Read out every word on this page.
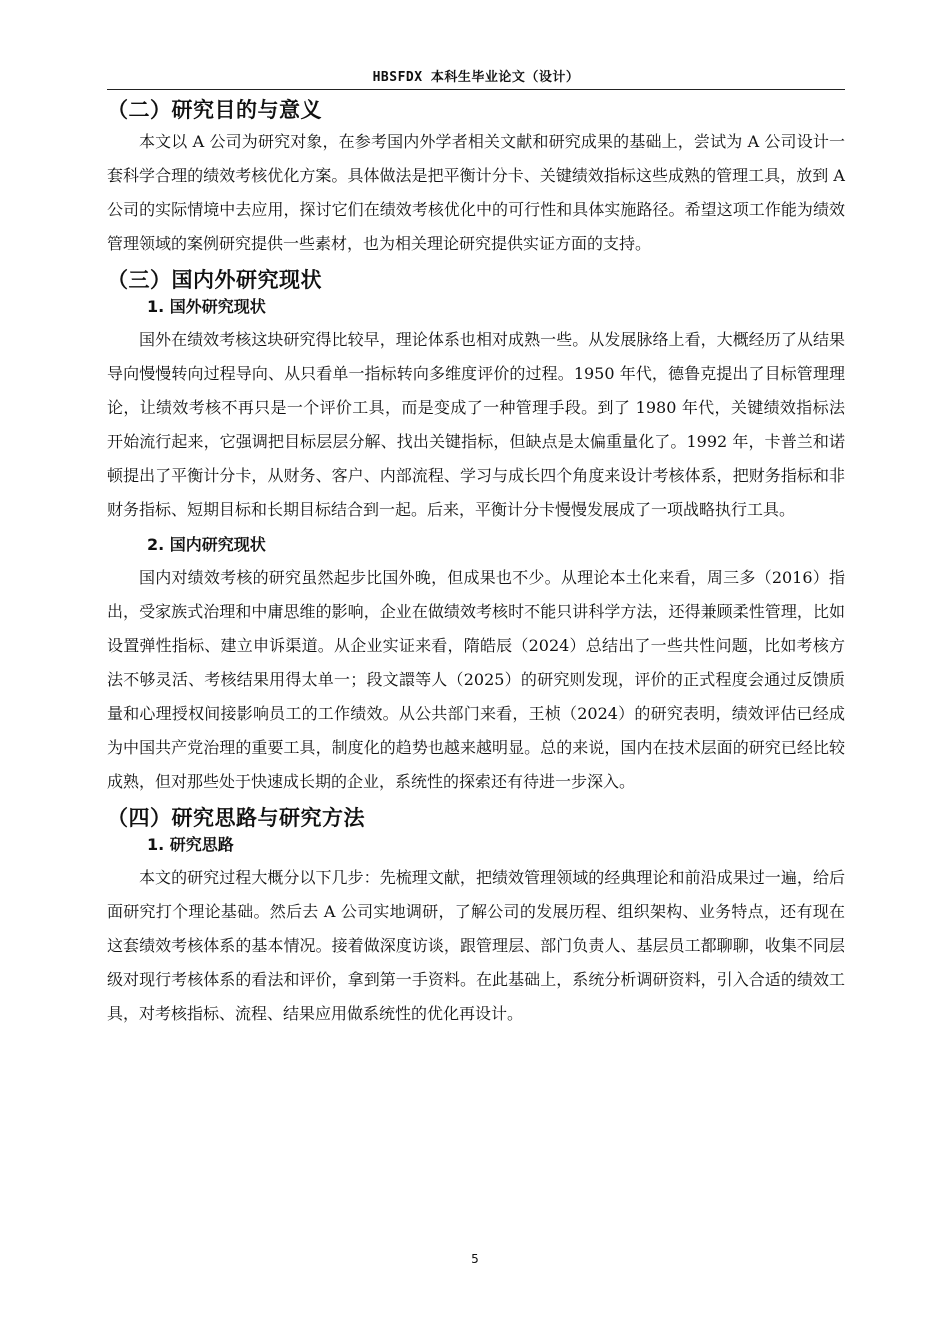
HBSFDX 本科生毕业论文（设计）
（二）研究目的与意义

本文以 A 公司为研究对象，在参考国内外学者相关文献和研究成果的基础上，尝试为 A 公司设计一套科学合理的绩效考核优化方案。具体做法是把平衡计分卡、关键绩效指标这些成熟的管理工具，放到 A 公司的实际情境中去应用，探讨它们在绩效考核优化中的可行性和具体实施路径。希望这项工作能为绩效管理领域的案例研究提供一些素材，也为相关理论研究提供实证方面的支持。

（三）国内外研究现状
1. 国外研究现状

国外在绩效考核这块研究得比较早，理论体系也相对成熟一些。从发展脉络上看，大概经历了从结果导向慢慢转向过程导向、从只看单一指标转向多维度评价的过程。1950 年代，德鲁克提出了目标管理理论，让绩效考核不再只是一个评价工具，而是变成了一种管理手段。到了 1980 年代，关键绩效指标法开始流行起来，它强调把目标层层分解、找出关键指标，但缺点是太偏重量化了。1992 年，卡普兰和诺顿提出了平衡计分卡，从财务、客户、内部流程、学习与成长四个角度来设计考核体系，把财务指标和非财务指标、短期目标和长期目标结合到一起。后来，平衡计分卡慢慢发展成了一项战略执行工具。

2. 国内研究现状

国内对绩效考核的研究虽然起步比国外晚，但成果也不少。从理论本土化来看，周三多（2016）指出，受家族式治理和中庸思维的影响，企业在做绩效考核时不能只讲科学方法，还得兼顾柔性管理，比如设置弹性指标、建立申诉渠道。从企业实证来看，隋皓辰（2024）总结出了一些共性问题，比如考核方法不够灵活、考核结果用得太单一；段文譞等人（2025）的研究则发现，评价的正式程度会通过反馈质量和心理授权间接影响员工的工作绩效。从公共部门来看，王桢（2024）的研究表明，绩效评估已经成为中国共产党治理的重要工具，制度化的趋势也越来越明显。总的来说，国内在技术层面的研究已经比较成熟，但对那些处于快速成长期的企业，系统性的探索还有待进一步深入。

（四）研究思路与研究方法
1. 研究思路

本文的研究过程大概分以下几步：先梳理文献，把绩效管理领域的经典理论和前沿成果过一遍，给后面研究打个理论基础。然后去 A 公司实地调研，了解公司的发展历程、组织架构、业务特点，还有现在这套绩效考核体系的基本情况。接着做深度访谈，跟管理层、部门负责人、基层员工都聊聊，收集不同层级对现行考核体系的看法和评价，拿到第一手资料。在此基础上，系统分析调研资料，引入合适的绩效工具，对考核指标、流程、结果应用做系统性的优化再设计。

5
